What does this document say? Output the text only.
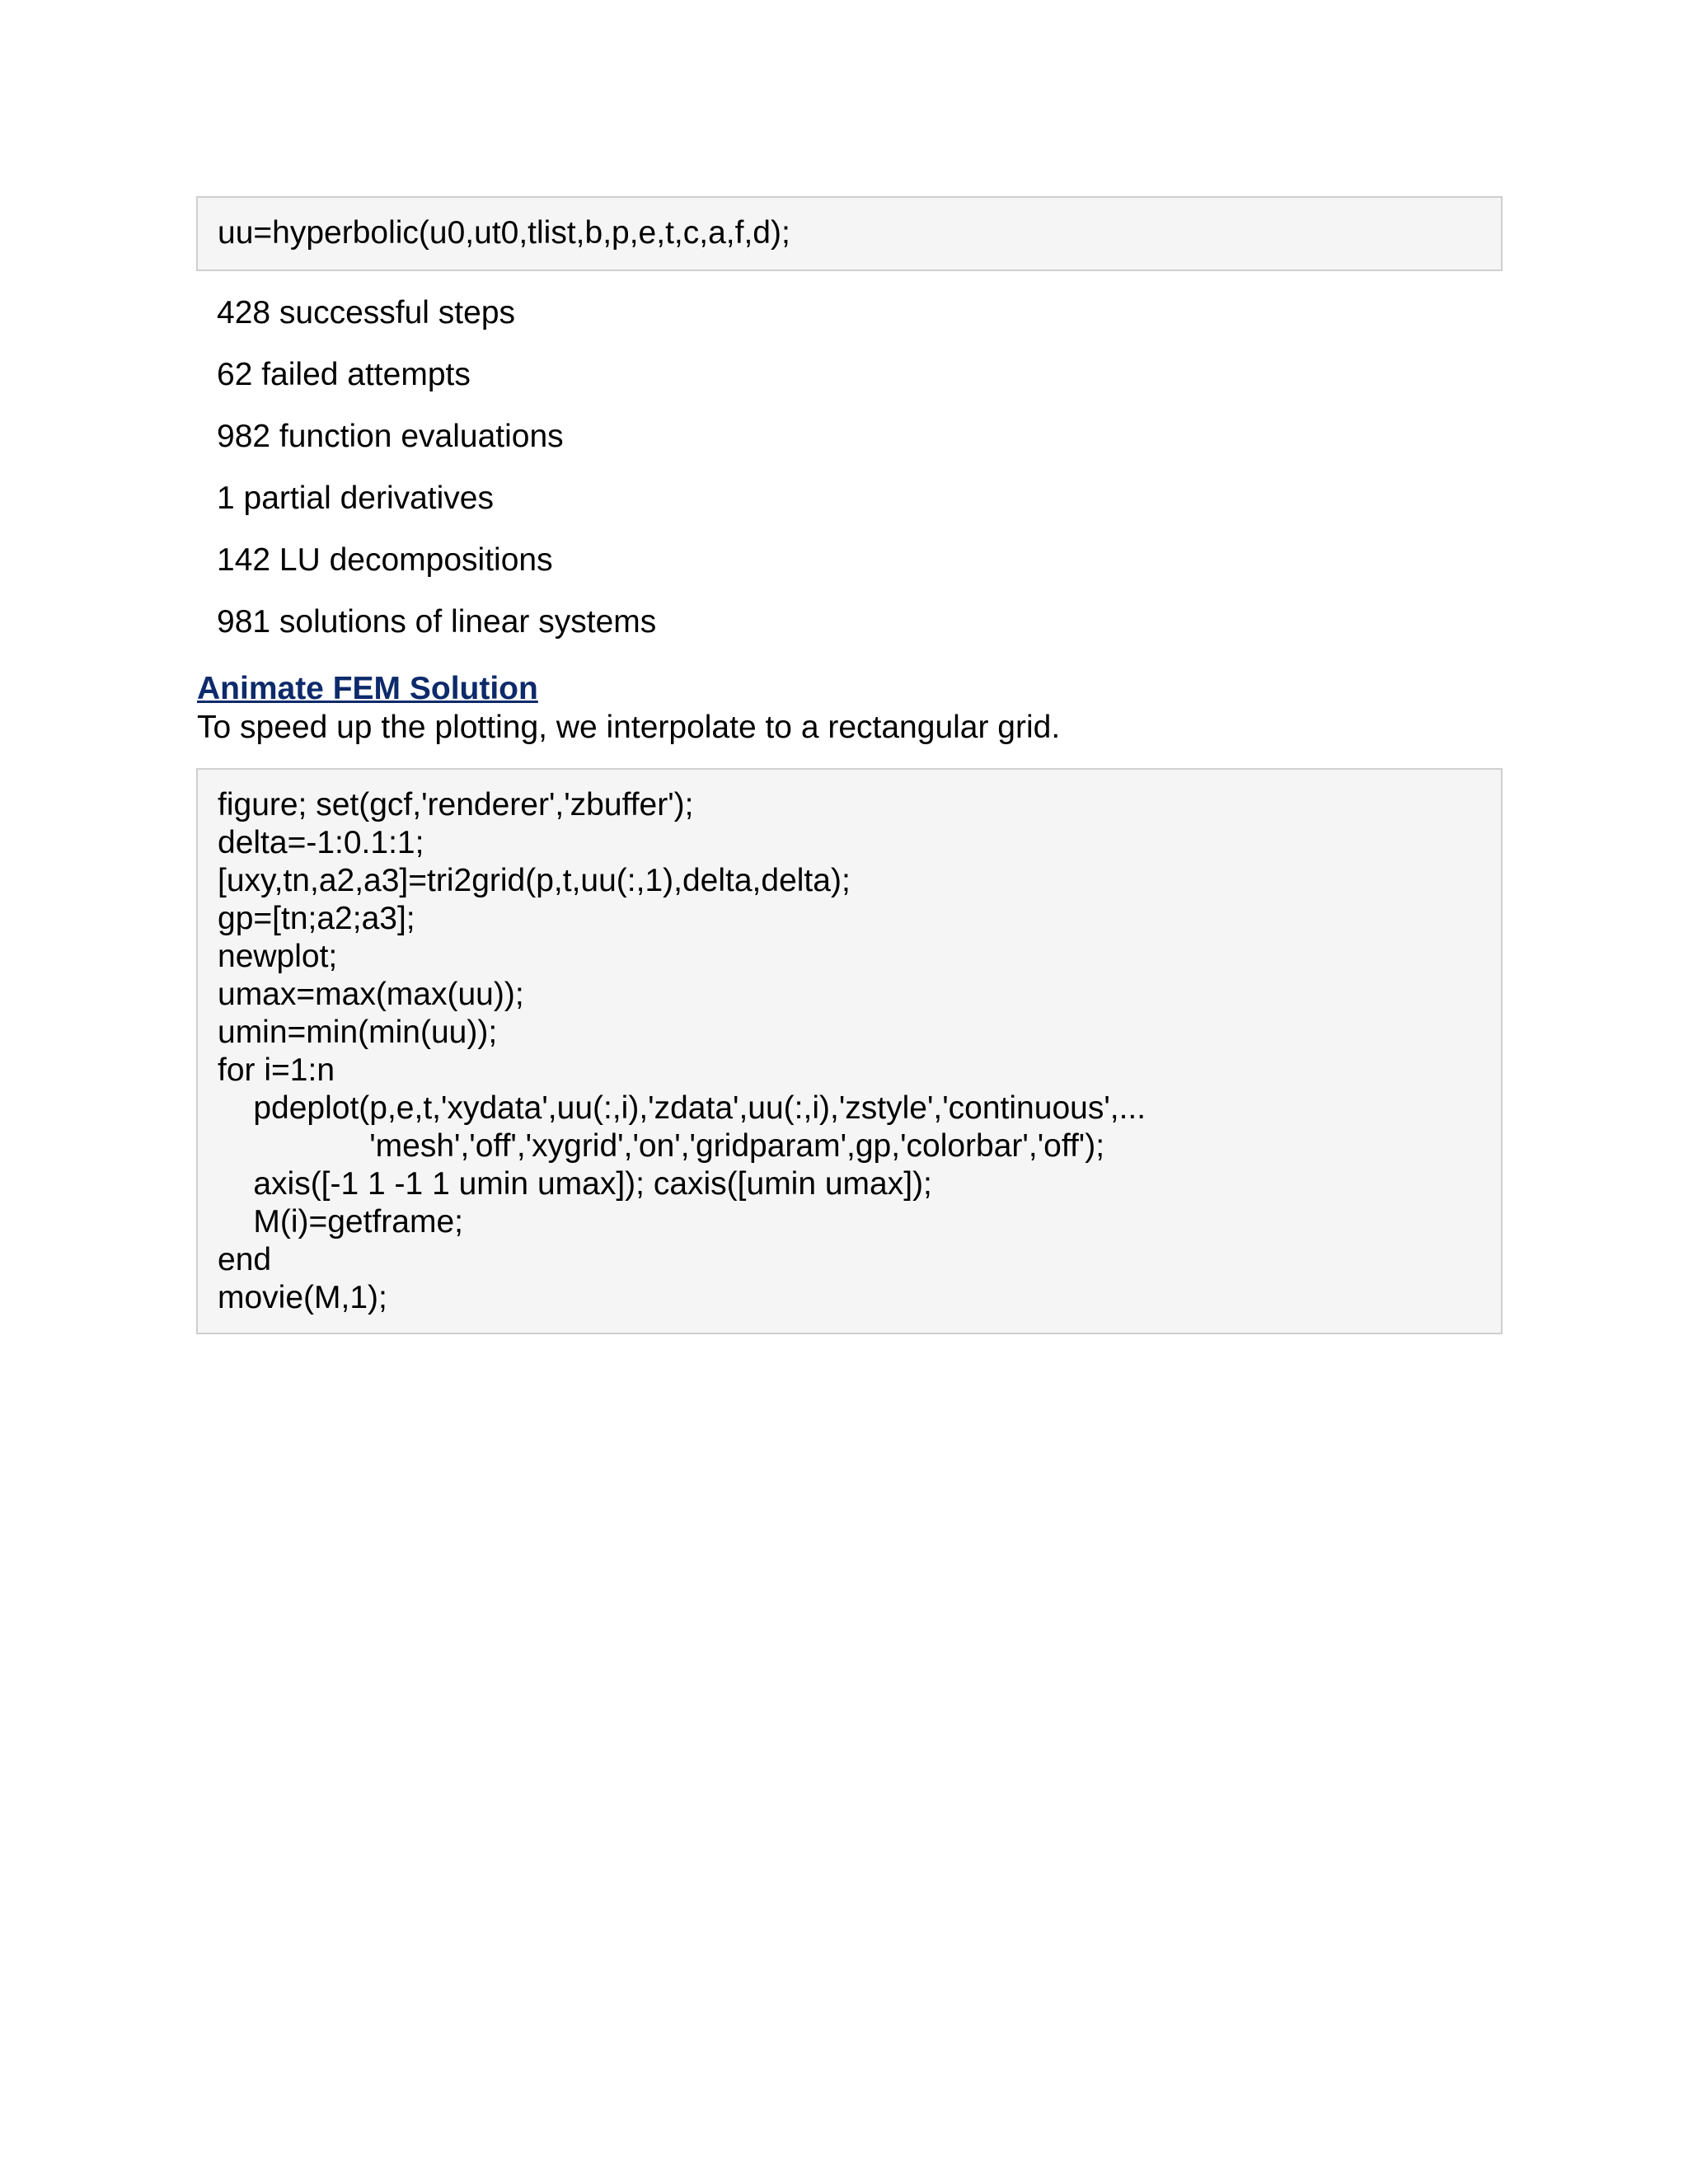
uu=hyperbolic(u0,ut0,tlist,b,p,e,t,c,a,f,d);
428 successful steps
62 failed attempts
982 function evaluations
1 partial derivatives
142 LU decompositions
981 solutions of linear systems
Animate FEM Solution
To speed up the plotting, we interpolate to a rectangular grid.
figure; set(gcf,'renderer','zbuffer');
delta=-1:0.1:1;
[uxy,tn,a2,a3]=tri2grid(p,t,uu(:,1),delta,delta);
gp=[tn;a2;a3];
newplot;
umax=max(max(uu));
umin=min(min(uu));
for i=1:n
pdeplot(p,e,t,'xydata',uu(:,i),'zdata',uu(:,i),'zstyle','continuous',...
'mesh','off','xygrid','on','gridparam',gp,'colorbar','off');
axis([-1 1 -1 1 umin umax]); caxis([umin umax]);
M(i)=getframe;
end
movie(M,1);
